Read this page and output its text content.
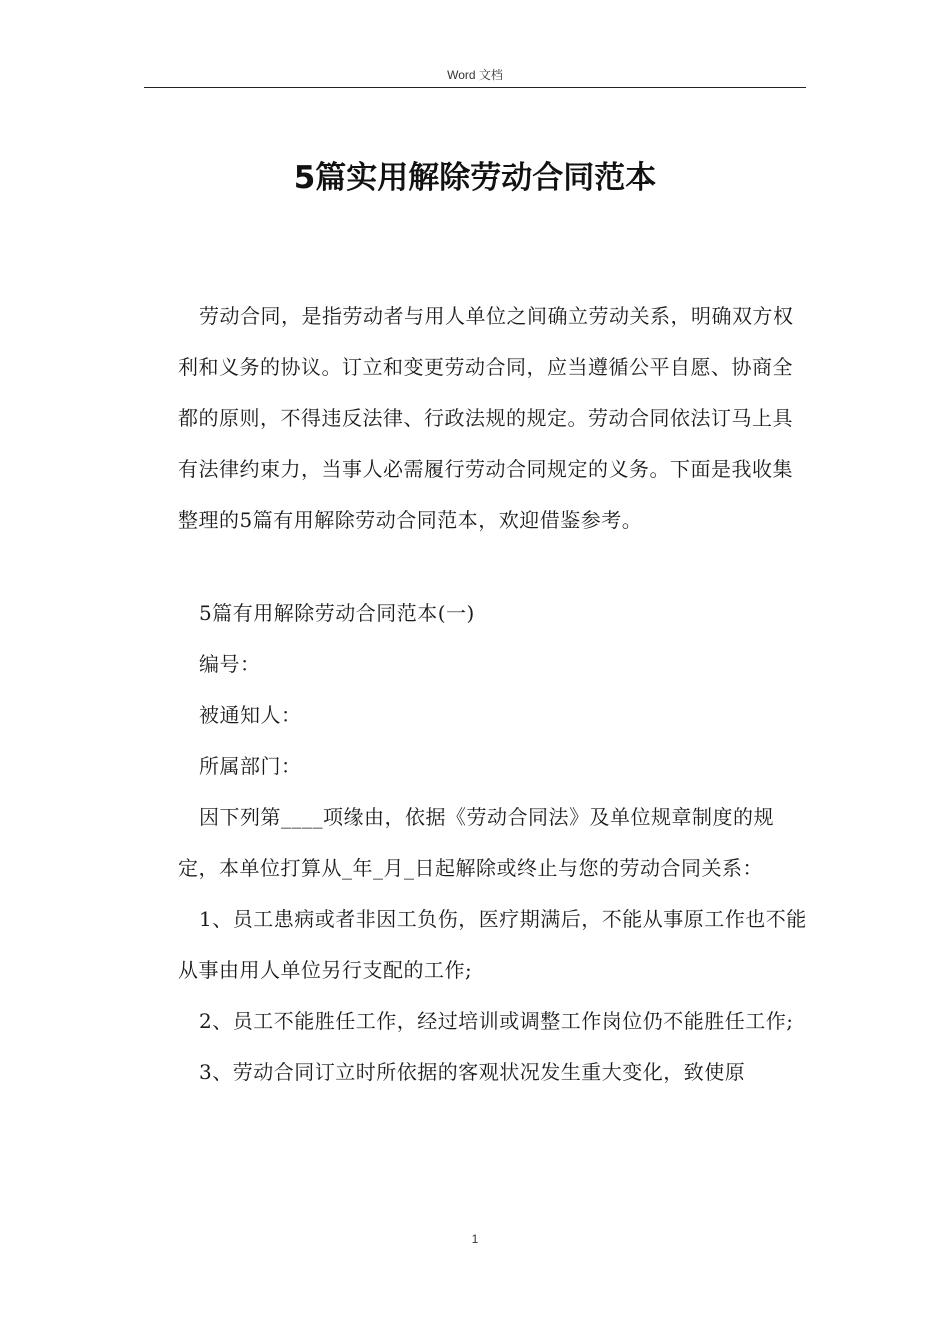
Word 文档
5篇实用解除劳动合同范本

劳动合同，是指劳动者与用人单位之间确立劳动关系，明确双方权利和义务的协议。订立和变更劳动合同，应当遵循公平自愿、协商全都的原则，不得违反法律、行政法规的规定。劳动合同依法订马上具有法律约束力，当事人必需履行劳动合同规定的义务。下面是我收集整理的5篇有用解除劳动合同范本，欢迎借鉴参考。

5篇有用解除劳动合同范本(一)

编号：

被通知人：

所属部门：

因下列第____项缘由，依据《劳动合同法》及单位规章制度的规定，本单位打算从_年_月_日起解除或终止与您的劳动合同关系：

1、员工患病或者非因工负伤，医疗期满后，不能从事原工作也不能从事由用人单位另行支配的工作;

2、员工不能胜任工作，经过培训或调整工作岗位仍不能胜任工作;

3、劳动合同订立时所依据的客观状况发生重大变化，致使原

1
